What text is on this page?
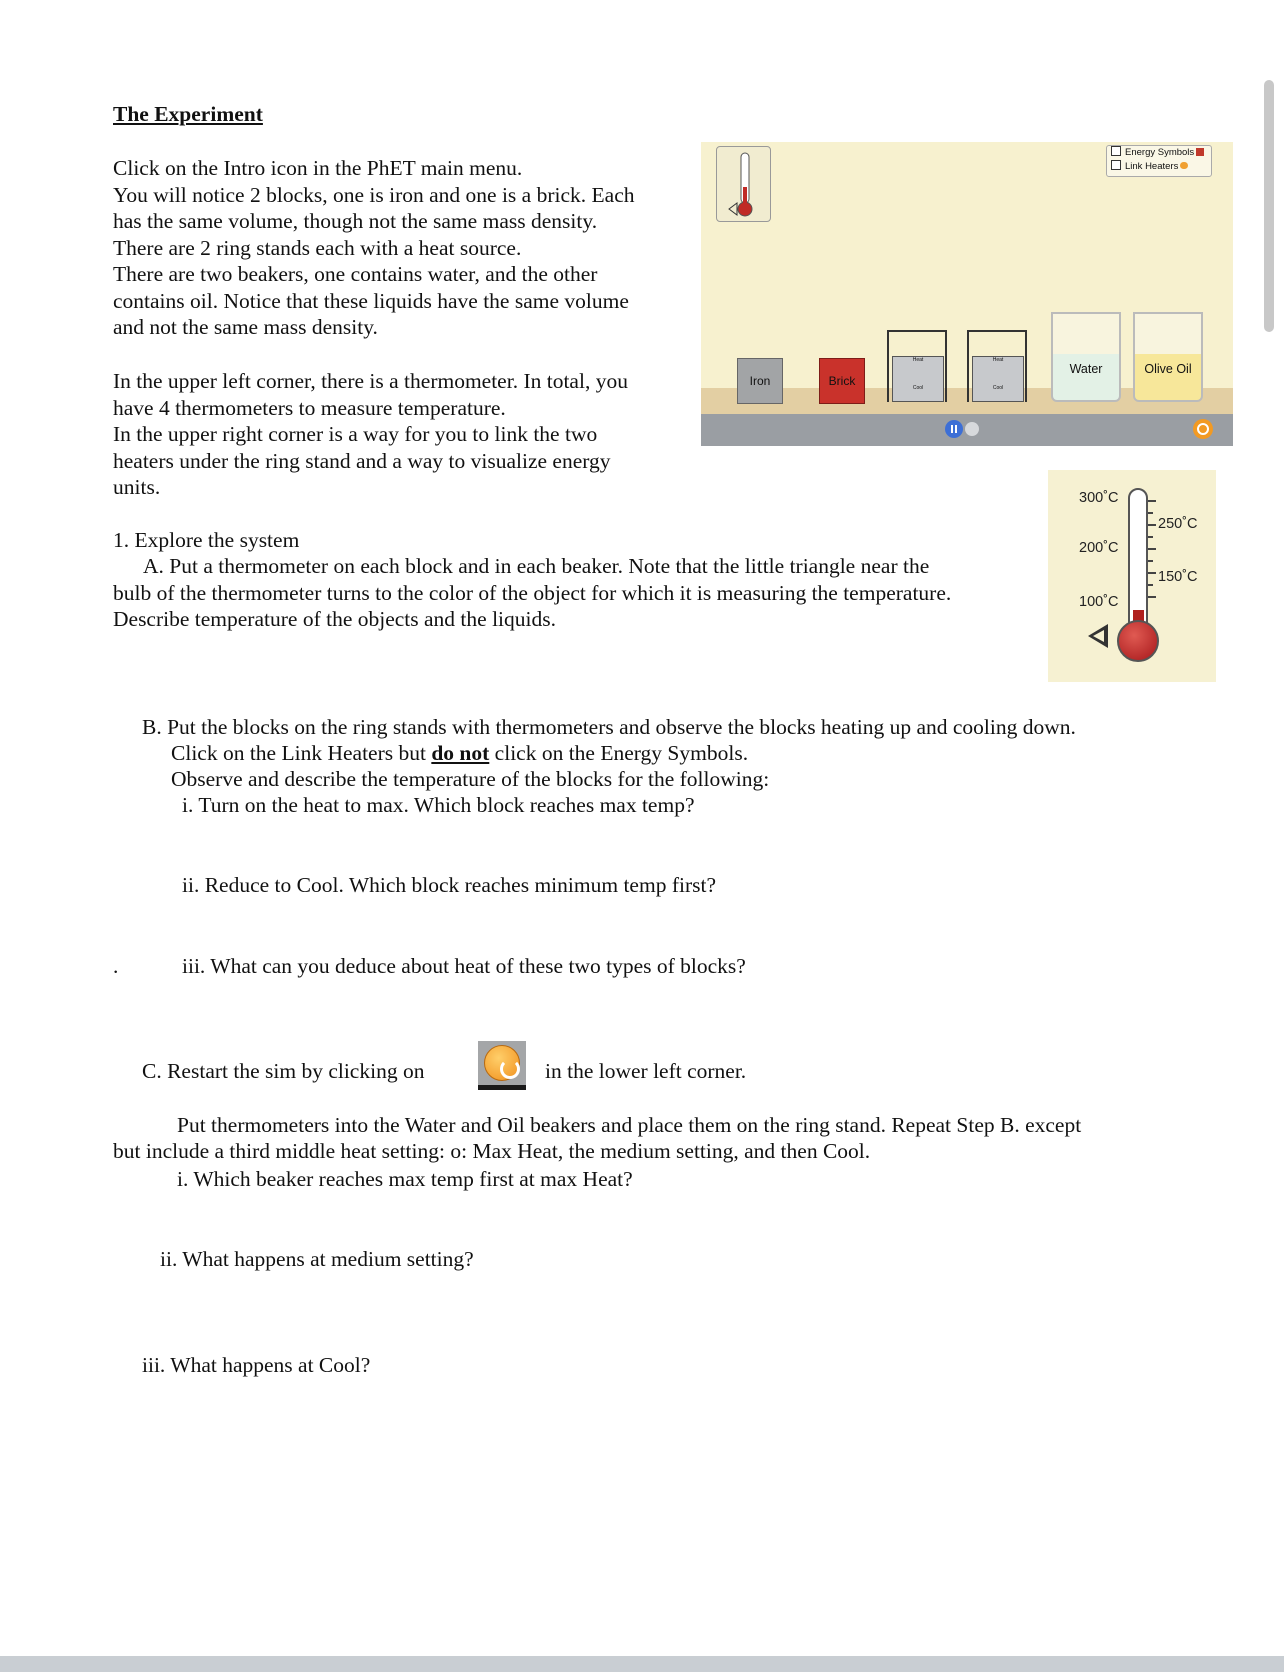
The Experiment
Click on the Intro icon in the PhET main menu.
You will notice 2 blocks, one is iron and one is a brick. Each
has the same volume, though not the same mass density.
There are 2 ring stands each with a heat source.
There are two beakers, one contains water, and the other
contains oil. Notice that these liquids have the same volume
and not the same mass density.
In the upper left corner, there is a thermometer. In total, you
have 4 thermometers to measure temperature.
In the upper right corner is a way for you to link the two
heaters under the ring stand and a way to visualize energy
units.
Energy Symbols
Link Heaters
Iron	Brick
Heat
Cool
Heat
Cool
Water	Olive Oil
300˚C
250˚C
200˚C
150˚C
100˚C
1. Explore the system
A. Put a thermometer on each block and in each beaker. Note that the little triangle near the
bulb of the thermometer turns to the color of the object for which it is measuring the temperature.
Describe temperature of the objects and the liquids.
B. Put the blocks on the ring stands with thermometers and observe the blocks heating up and cooling down.
Click on the Link Heaters but do not click on the Energy Symbols.
Observe and describe the temperature of the blocks for the following:
i. Turn on the heat to max. Which block reaches max temp?
ii. Reduce to Cool. Which block reaches minimum temp first?
.	iii. What can you deduce about heat of these two types of blocks?
C. Restart the sim by clicking on	in the lower left corner.
Put thermometers into the Water and Oil beakers and place them on the ring stand. Repeat Step B. except
but include a third middle heat setting: o: Max Heat, the medium setting, and then Cool.
i. Which beaker reaches max temp first at max Heat?
ii. What happens at medium setting?
iii. What happens at Cool?
